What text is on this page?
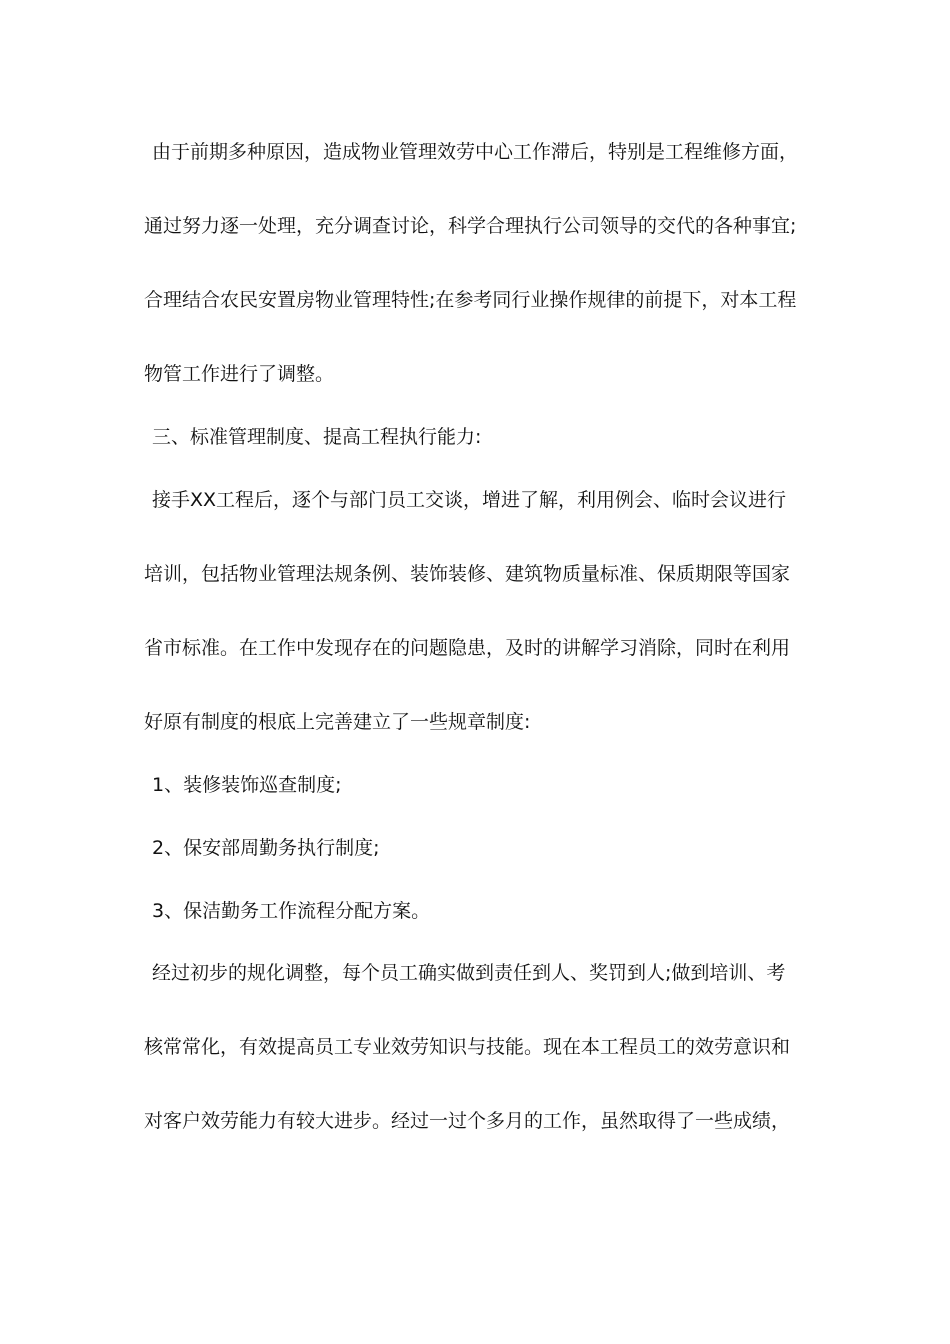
由于前期多种原因，造成物业管理效劳中心工作滞后，特别是工程维修方面，
通过努力逐一处理，充分调查讨论，科学合理执行公司领导的交代的各种事宜;
合理结合农民安置房物业管理特性;在参考同行业操作规律的前提下，对本工程
物管工作进行了调整。
三、标准管理制度、提高工程执行能力:
接手XX工程后，逐个与部门员工交谈，增进了解，利用例会、临时会议进行
培训，包括物业管理法规条例、装饰装修、建筑物质量标准、保质期限等国家
省市标准。在工作中发现存在的问题隐患，及时的讲解学习消除，同时在利用
好原有制度的根底上完善建立了一些规章制度:
1、装修装饰巡查制度;
2、保安部周勤务执行制度;
3、保洁勤务工作流程分配方案。
经过初步的规化调整，每个员工确实做到责任到人、奖罚到人;做到培训、考
核常常化，有效提高员工专业效劳知识与技能。现在本工程员工的效劳意识和
对客户效劳能力有较大进步。经过一过个多月的工作，虽然取得了一些成绩，
